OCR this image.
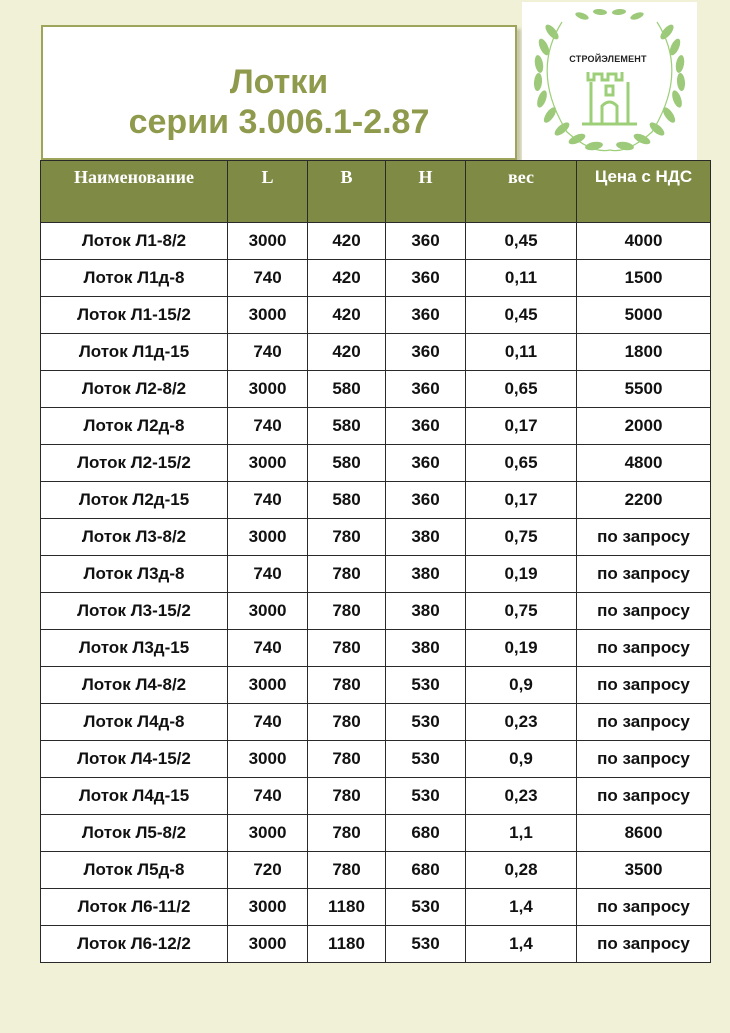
Лотки
серии 3.006.1-2.87
СТРОЙЭЛЕМЕНТ
Наименование	L	B	H	вес	Цена с НДС
Лоток Л1-8/2	3000	420	360	0,45	4000
Лоток Л1д-8	740	420	360	0,11	1500
Лоток Л1-15/2	3000	420	360	0,45	5000
Лоток Л1д-15	740	420	360	0,11	1800
Лоток Л2-8/2	3000	580	360	0,65	5500
Лоток Л2д-8	740	580	360	0,17	2000
Лоток Л2-15/2	3000	580	360	0,65	4800
Лоток Л2д-15	740	580	360	0,17	2200
Лоток Л3-8/2	3000	780	380	0,75	по запросу
Лоток Л3д-8	740	780	380	0,19	по запросу
Лоток Л3-15/2	3000	780	380	0,75	по запросу
Лоток Л3д-15	740	780	380	0,19	по запросу
Лоток Л4-8/2	3000	780	530	0,9	по запросу
Лоток Л4д-8	740	780	530	0,23	по запросу
Лоток Л4-15/2	3000	780	530	0,9	по запросу
Лоток Л4д-15	740	780	530	0,23	по запросу
Лоток Л5-8/2	3000	780	680	1,1	8600
Лоток Л5д-8	720	780	680	0,28	3500
Лоток Л6-11/2	3000	1180	530	1,4	по запросу
Лоток Л6-12/2	3000	1180	530	1,4	по запросу
